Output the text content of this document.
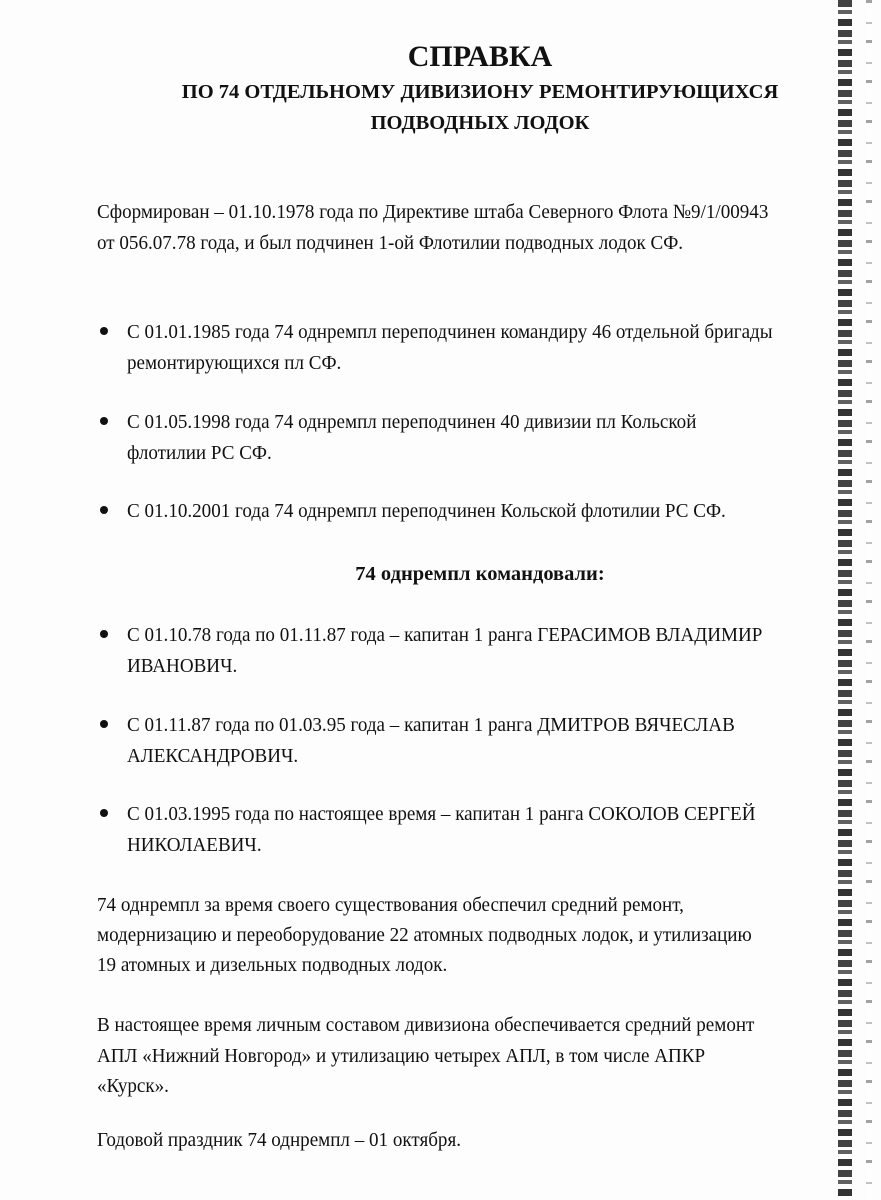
СПРАВКА
ПО 74 ОТДЕЛЬНОМУ ДИВИЗИОНУ РЕМОНТИРУЮЩИХСЯ
ПОДВОДНЫХ ЛОДОК
Сформирован – 01.10.1978 года по Директиве штаба Северного Флота №9/1/00943
от 056.07.78 года, и был подчинен 1-ой Флотилии подводных лодок СФ.
С 01.01.1985 года 74 однремпл переподчинен командиру 46 отдельной бригады
ремонтирующихся пл СФ.
С 01.05.1998 года 74 однремпл переподчинен 40 дивизии пл Кольской
флотилии РС СФ.
С 01.10.2001 года 74 однремпл переподчинен Кольской флотилии РС СФ.
74 однремпл командовали:
С 01.10.78 года по 01.11.87 года – капитан 1 ранга ГЕРАСИМОВ ВЛАДИМИР
ИВАНОВИЧ.
С 01.11.87 года по 01.03.95 года – капитан 1 ранга ДМИТРОВ ВЯЧЕСЛАВ
АЛЕКСАНДРОВИЧ.
С 01.03.1995 года по настоящее время – капитан 1 ранга СОКОЛОВ СЕРГЕЙ
НИКОЛАЕВИЧ.
74 однремпл за время своего существования обеспечил средний ремонт,
модернизацию и переоборудование 22 атомных подводных лодок, и утилизацию
19 атомных и дизельных подводных лодок.
В настоящее время личным составом дивизиона обеспечивается средний ремонт
АПЛ «Нижний Новгород» и утилизацию четырех АПЛ, в том числе АПКР
«Курск».
Годовой праздник 74 однремпл – 01 октября.
